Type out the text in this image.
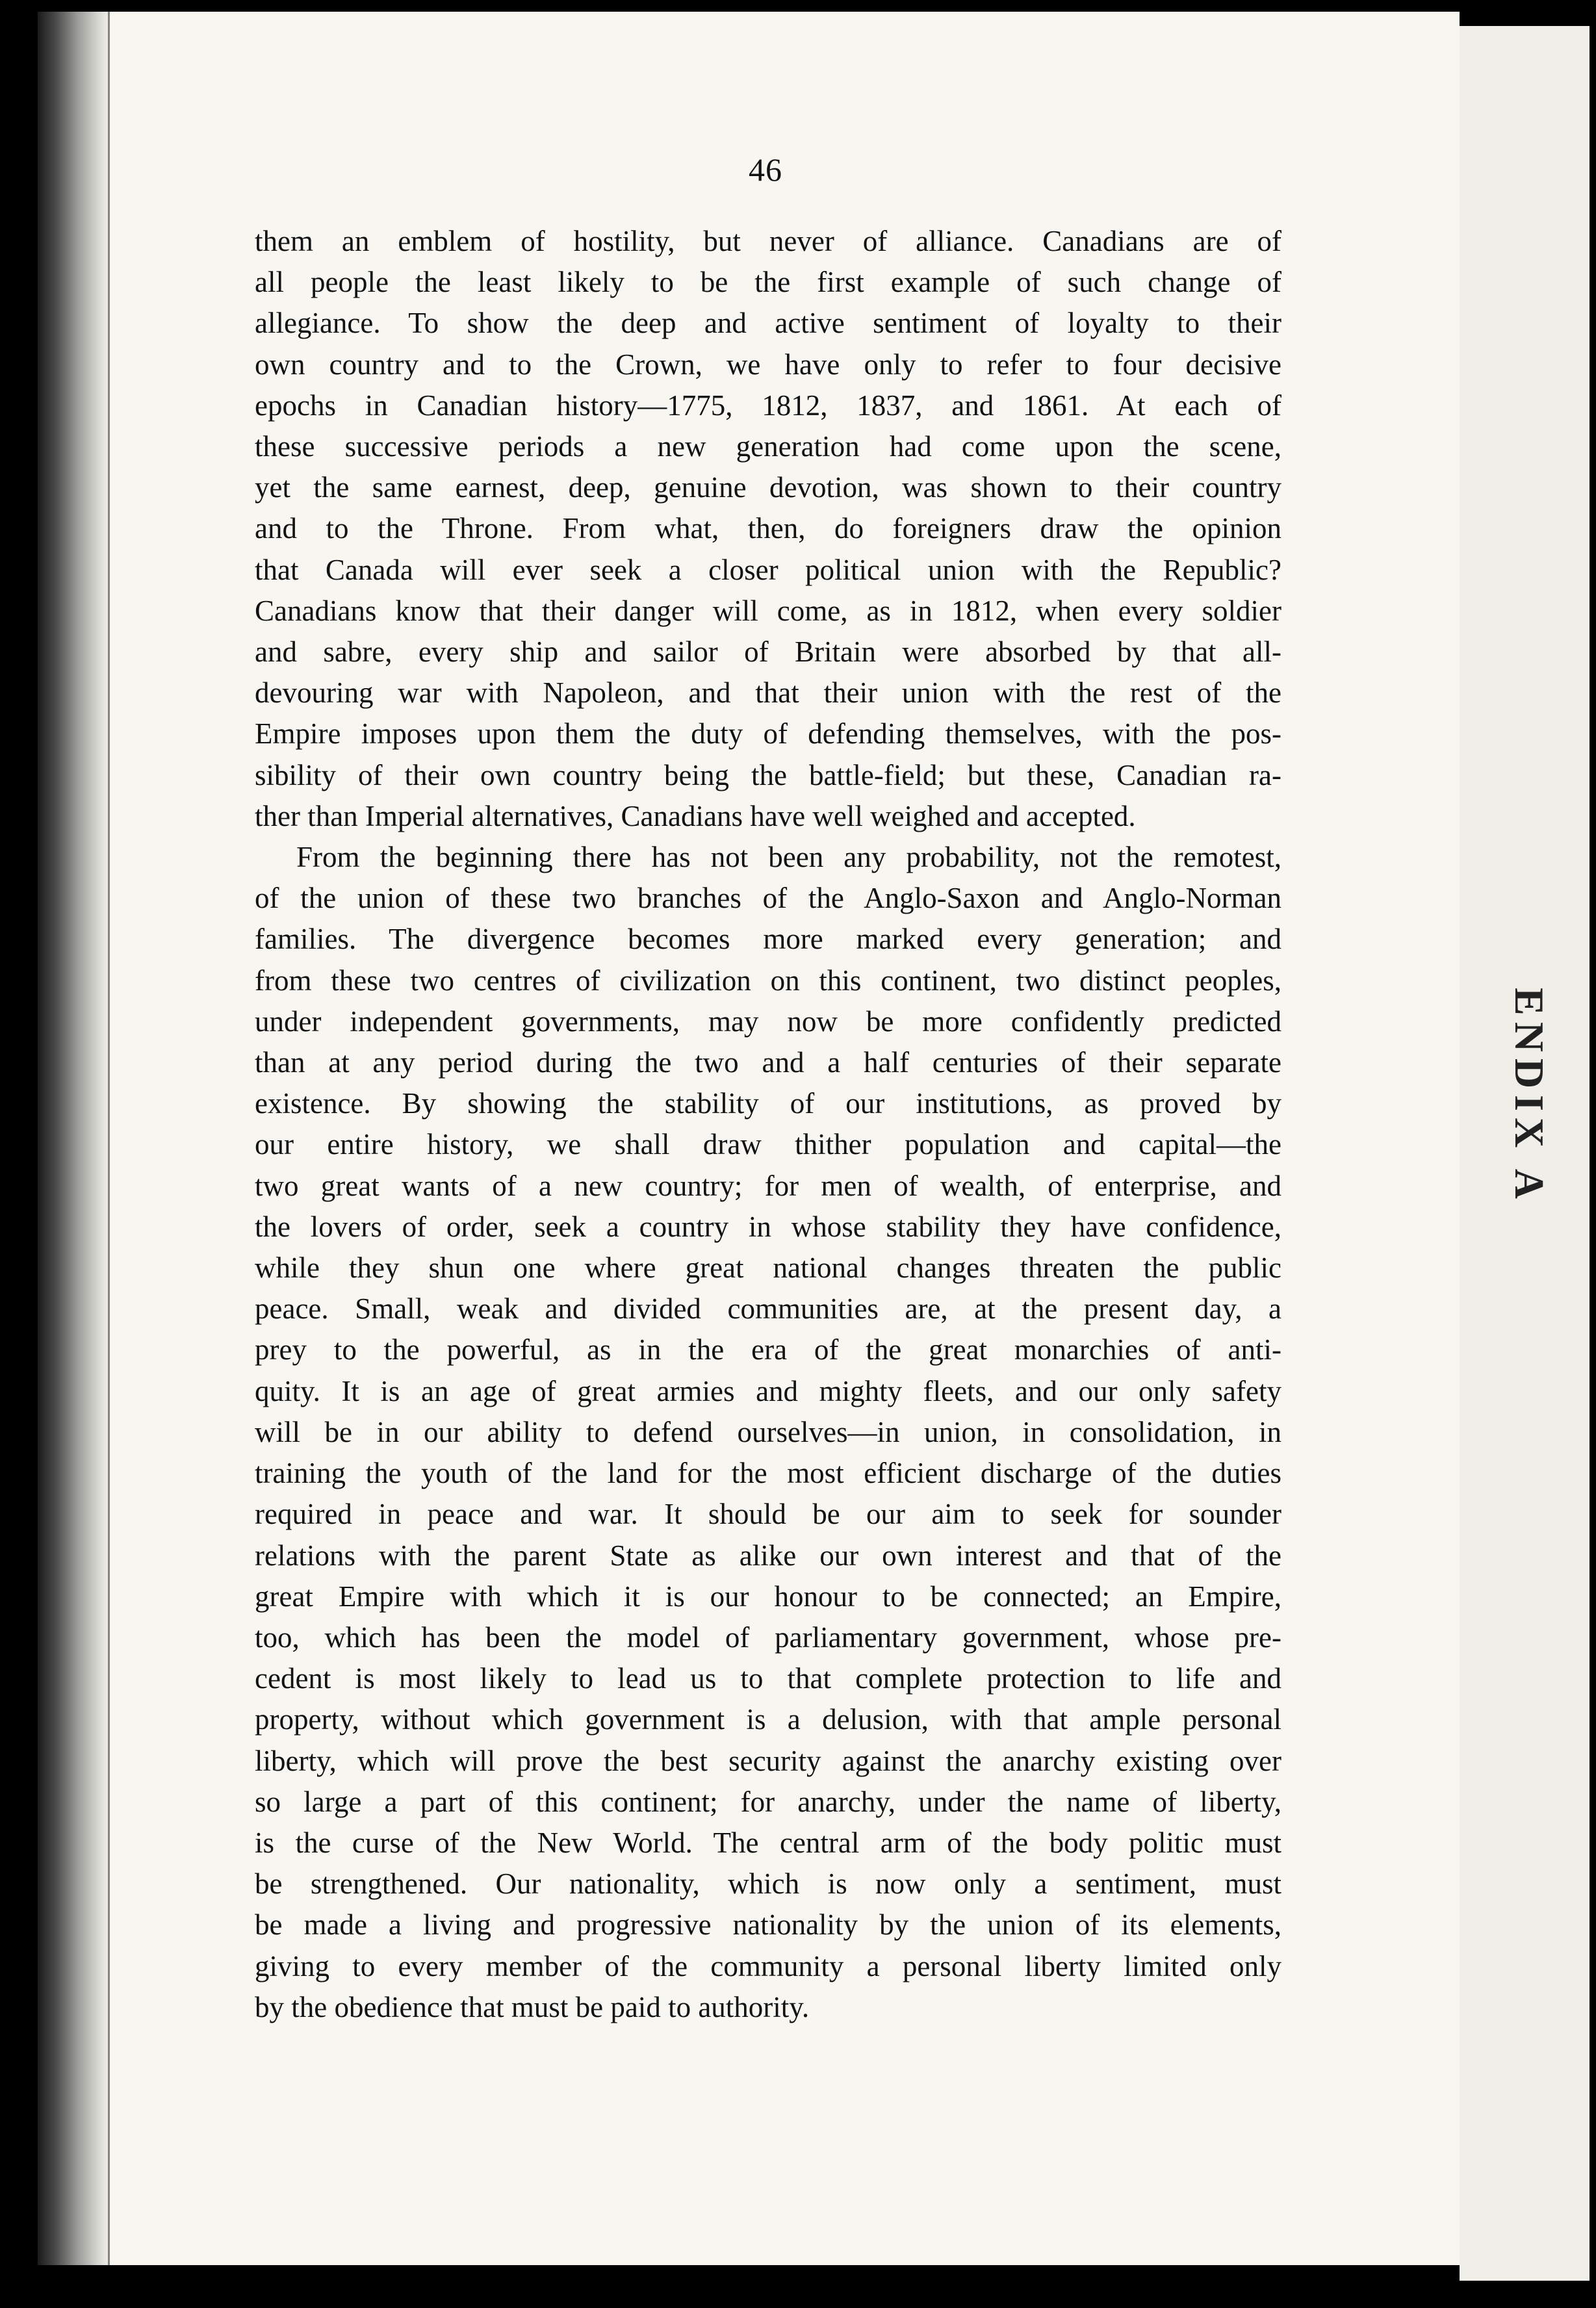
ENDIX A
46
them an emblem of hostility, but never of alliance. Canadians are of
all people the least likely to be the first example of such change of
allegiance. To show the deep and active sentiment of loyalty to their
own country and to the Crown, we have only to refer to four decisive
epochs in Canadian history—1775, 1812, 1837, and 1861. At each of
these successive periods a new generation had come upon the scene,
yet the same earnest, deep, genuine devotion, was shown to their country
and to the Throne. From what, then, do foreigners draw the opinion
that Canada will ever seek a closer political union with the Republic?
Canadians know that their danger will come, as in 1812, when every soldier
and sabre, every ship and sailor of Britain were absorbed by that all-
devouring war with Napoleon, and that their union with the rest of the
Empire imposes upon them the duty of defending themselves, with the pos-
sibility of their own country being the battle-field; but these, Canadian ra-
ther than Imperial alternatives, Canadians have well weighed and accepted.
From the beginning there has not been any probability, not the remotest,
of the union of these two branches of the Anglo-Saxon and Anglo-Norman
families. The divergence becomes more marked every generation; and
from these two centres of civilization on this continent, two distinct peoples,
under independent governments, may now be more confidently predicted
than at any period during the two and a half centuries of their separate
existence. By showing the stability of our institutions, as proved by
our entire history, we shall draw thither population and capital—the
two great wants of a new country; for men of wealth, of enterprise, and
the lovers of order, seek a country in whose stability they have confidence,
while they shun one where great national changes threaten the public
peace. Small, weak and divided communities are, at the present day, a
prey to the powerful, as in the era of the great monarchies of anti-
quity. It is an age of great armies and mighty fleets, and our only safety
will be in our ability to defend ourselves—in union, in consolidation, in
training the youth of the land for the most efficient discharge of the duties
required in peace and war. It should be our aim to seek for sounder
relations with the parent State as alike our own interest and that of the
great Empire with which it is our honour to be connected; an Empire,
too, which has been the model of parliamentary government, whose pre-
cedent is most likely to lead us to that complete protection to life and
property, without which government is a delusion, with that ample personal
liberty, which will prove the best security against the anarchy existing over
so large a part of this continent; for anarchy, under the name of liberty,
is the curse of the New World. The central arm of the body politic must
be strengthened. Our nationality, which is now only a sentiment, must
be made a living and progressive nationality by the union of its elements,
giving to every member of the community a personal liberty limited only
by the obedience that must be paid to authority.
